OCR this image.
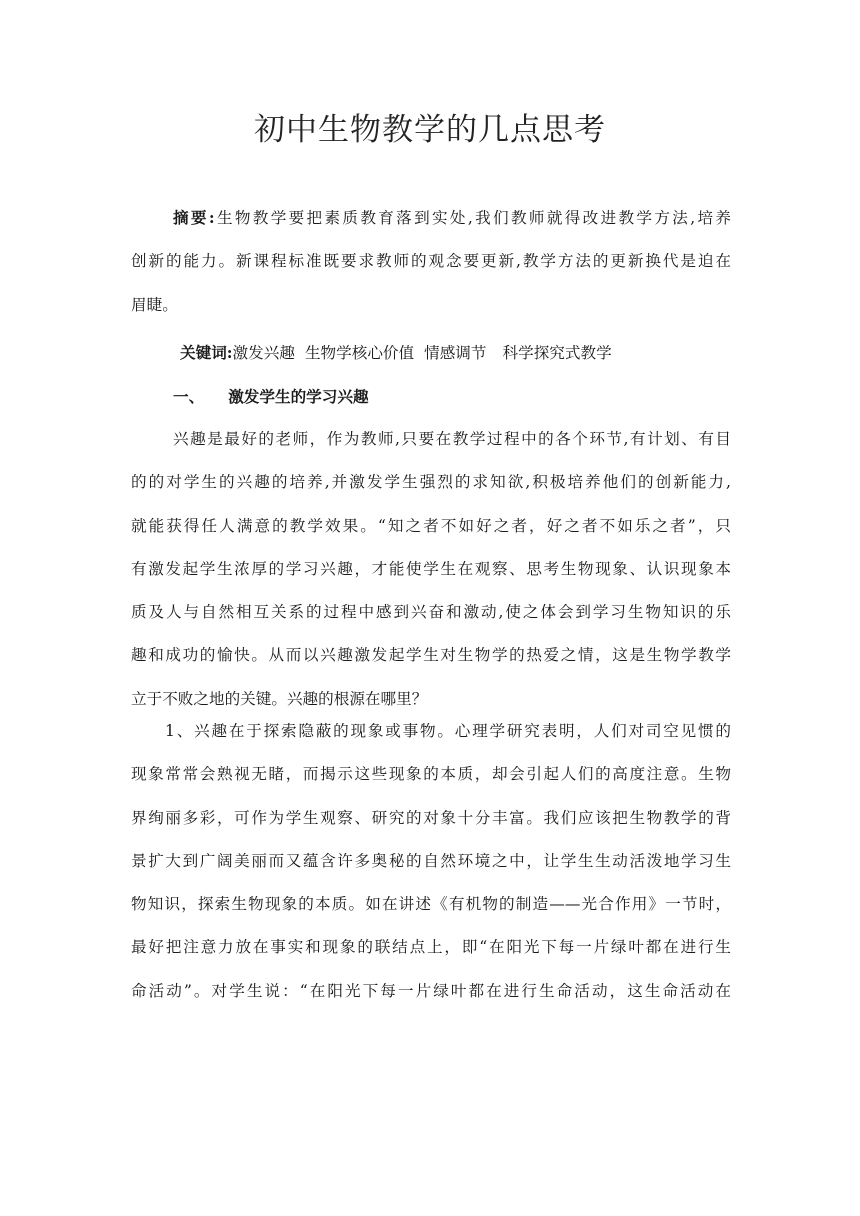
初中生物教学的几点思考
摘要:生物教学要把素质教育落到实处,我们教师就得改进教学方法,培养
创新的能力。新课程标准既要求教师的观念要更新,教学方法的更新换代是迫在
眉睫。

关键词:激发兴趣 生物学核心价值 情感调节 科学探究式教学

一、 激发学生的学习兴趣

兴趣是最好的老师，作为教师,只要在教学过程中的各个环节,有计划、有目
的的对学生的兴趣的培养,并激发学生强烈的求知欲,积极培养他们的创新能力,
就能获得任人满意的教学效果。“知之者不如好之者，好之者不如乐之者”，只
有激发起学生浓厚的学习兴趣，才能使学生在观察、思考生物现象、认识现象本
质及人与自然相互关系的过程中感到兴奋和激动,使之体会到学习生物知识的乐
趣和成功的愉快。从而以兴趣激发起学生对生物学的热爱之情，这是生物学教学
立于不败之地的关键。兴趣的根源在哪里？
1、兴趣在于探索隐蔽的现象或事物。心理学研究表明，人们对司空见惯的
现象常常会熟视无睹，而揭示这些现象的本质，却会引起人们的高度注意。生物
界绚丽多彩，可作为学生观察、研究的对象十分丰富。我们应该把生物教学的背
景扩大到广阔美丽而又蕴含许多奥秘的自然环境之中，让学生生动活泼地学习生
物知识，探索生物现象的本质。如在讲述《有机物的制造——光合作用》一节时，
最好把注意力放在事实和现象的联结点上，即“在阳光下每一片绿叶都在进行生
命活动”。对学生说：“在阳光下每一片绿叶都在进行生命活动，这生命活动在
